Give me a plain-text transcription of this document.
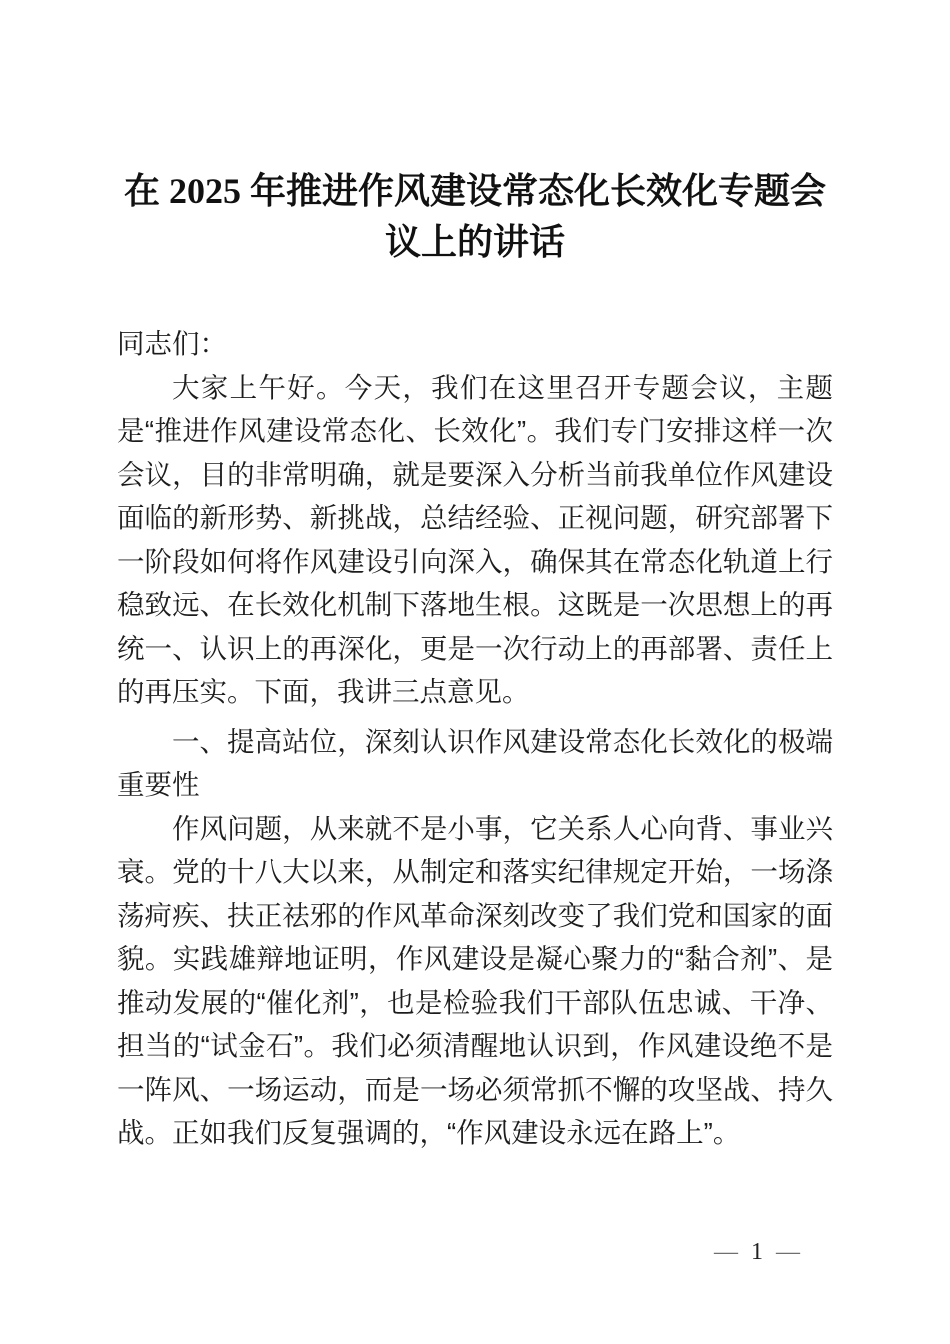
在 2025 年推进作风建设常态化长效化专题会议上的讲话

同志们：

大家上午好。今天，我们在这里召开专题会议，主题是“推进作风建设常态化、长效化”。我们专门安排这样一次会议，目的非常明确，就是要深入分析当前我单位作风建设面临的新形势、新挑战，总结经验、正视问题，研究部署下一阶段如何将作风建设引向深入，确保其在常态化轨道上行稳致远、在长效化机制下落地生根。这既是一次思想上的再统一、认识上的再深化，更是一次行动上的再部署、责任上的再压实。下面，我讲三点意见。

一、提高站位，深刻认识作风建设常态化长效化的极端重要性

作风问题，从来就不是小事，它关系人心向背、事业兴衰。党的十八大以来，从制定和落实纪律规定开始，一场涤荡疴疾、扶正祛邪的作风革命深刻改变了我们党和国家的面貌。实践雄辩地证明，作风建设是凝心聚力的“黏合剂”、是推动发展的“催化剂”，也是检验我们干部队伍忠诚、干净、担当的“试金石”。我们必须清醒地认识到，作风建设绝不是一阵风、一场运动，而是一场必须常抓不懈的攻坚战、持久战。正如我们反复强调的，“作风建设永远在路上”。

— 1 —
